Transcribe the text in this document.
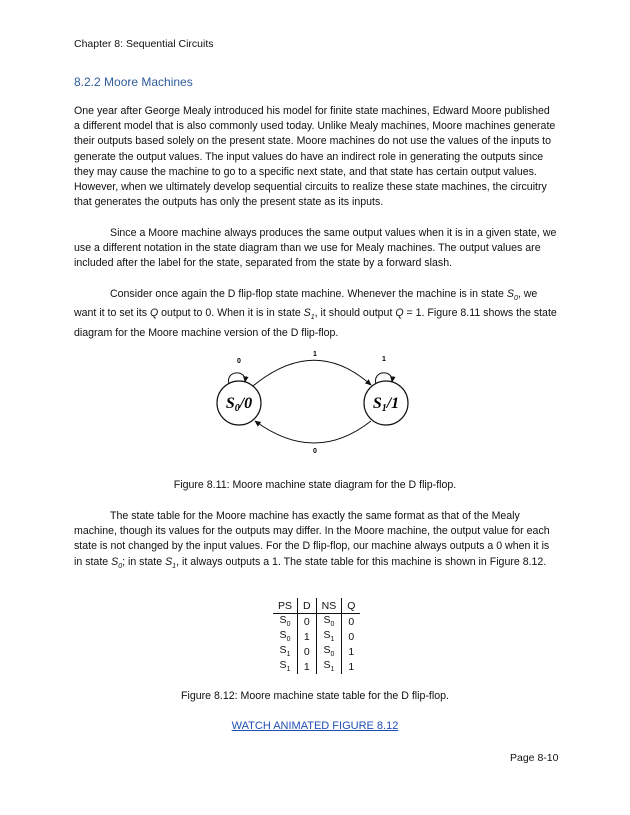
Chapter 8: Sequential Circuits
8.2.2 Moore Machines

One year after George Mealy introduced his model for finite state machines, Edward Moore published a different model that is also commonly used today. Unlike Mealy machines, Moore machines generate their outputs based solely on the present state. Moore machines do not use the values of the inputs to generate the output values. The input values do have an indirect role in generating the outputs since they may cause the machine to go to a specific next state, and that state has certain output values. However, when we ultimately develop sequential circuits to realize these state machines, the circuitry that generates the outputs has only the present state as its inputs.

Since a Moore machine always produces the same output values when it is in a given state, we use a different notation in the state diagram than we use for Mealy machines. The output values are included after the label for the state, separated from the state by a forward slash.

Consider once again the D flip-flop state machine. Whenever the machine is in state $S_0$, we want it to set its Q output to 0. When it is in state $S_1$, it should output Q = 1. Figure 8.11 shows the state diagram for the Moore machine version of the D flip-flop.

S0/0	S1/1
0	1
1
0
Figure 8.11: Moore machine state diagram for the D flip-flop.

The state table for the Moore machine has exactly the same format as that of the Mealy machine, though its values for the outputs may differ. In the Moore machine, the output value for each state is not changed by the input values. For the D flip-flop, our machine always outputs a 0 when it is in state $S_0$; in state $S_1$, it always outputs a 1. The state table for this machine is shown in Figure 8.12.

PS	D	NS	Q
$S_0$	0	$S_0$	0
$S_0$	1	$S_1$	0
$S_1$	0	$S_0$	1
$S_1$	1	$S_1$	1
Figure 8.12: Moore machine state table for the D flip-flop.
WATCH ANIMATED FIGURE 8.12
Page 8-10
